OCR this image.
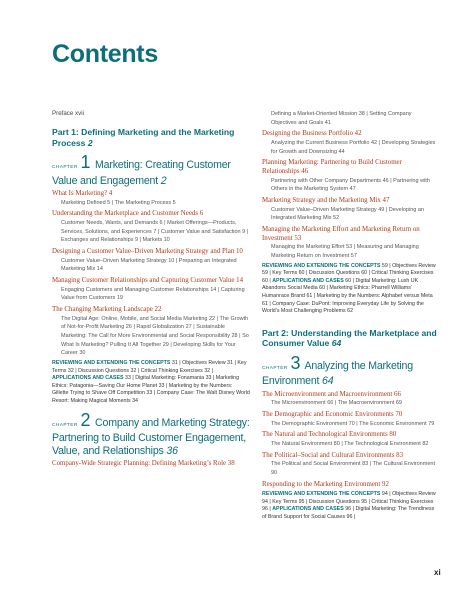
Contents
Preface xvii
Part 1: Defining Marketing and the Marketing Process 2
CHAPTER 1 Marketing: Creating Customer Value and Engagement 2
What Is Marketing? 4
Marketing Defined 5 | The Marketing Process 5
Understanding the Marketplace and Customer Needs 6
Customer Needs, Wants, and Demands 6 | Market Offerings—Products, Services, Solutions, and Experiences 7 | Customer Value and Satisfaction 9 | Exchanges and Relationships 9 | Markets 10
Designing a Customer Value–Driven Marketing Strategy and Plan 10
Customer Value–Driven Marketing Strategy 10 | Preparing an Integrated Marketing Mix 14
Managing Customer Relationships and Capturing Customer Value 14
Engaging Customers and Managing Customer Relationships 14 | Capturing Value from Customers 19
The Changing Marketing Landscape 22
The Digital Age: Online, Mobile, and Social Media Marketing 22 | The Growth of Not-for-Profit Marketing 26 | Rapid Globalization 27 | Sustainable Marketing: The Call for More Environmental and Social Responsibility 28 | So What Is Marketing? Pulling It All Together 29 | Developing Skills for Your Career 30
REVIEWING AND EXTENDING THE CONCEPTS 31 | Objectives Review 31 | Key Terms 32 | Discussion Questions 32 | Critical Thinking Exercises 32 | APPLICATIONS AND CASES 33 | Digital Marketing: Fonamania 33 | Marketing Ethics: Patagonia—Saving Our Home Planet 33 | Marketing by the Numbers: Gillette Trying to Shave Off Competition 33 | Company Case: The Walt Disney World Resort: Making Magical Moments 34
CHAPTER 2 Company and Marketing Strategy: Partnering to Build Customer Engagement, Value, and Relationships 36
Company-Wide Strategic Planning: Defining Marketing’s Role 38
Defining a Market-Oriented Mission 38 | Setting Company Objectives and Goals 41
Designing the Business Portfolio 42
Analyzing the Current Business Portfolio 42 | Developing Strategies for Growth and Downsizing 44
Planning Marketing: Partnering to Build Customer Relationships 46
Partnering with Other Company Departments 46 | Partnering with Others in the Marketing System 47
Marketing Strategy and the Marketing Mix 47
Customer Value–Driven Marketing Strategy 49 | Developing an Integrated Marketing Mix 52
Managing the Marketing Effort and Marketing Return on Investment 53
Managing the Marketing Effort 53 | Measuring and Managing Marketing Return on Investment 57
REVIEWING AND EXTENDING THE CONCEPTS 59 | Objectives Review 59 | Key Terms 60 | Discussion Questions 60 | Critical Thinking Exercises 60 | APPLICATIONS AND CASES 60 | Digital Marketing: Lush UK Abandons Social Media 60 | Marketing Ethics: Pharrell Williams’ Humanrace Brand 61 | Marketing by the Numbers: Alphabet versus Meta 61 | Company Case: DuPont: Improving Everyday Life by Solving the World’s Most Challenging Problems 62
Part 2: Understanding the Marketplace and Consumer Value 64
CHAPTER 3 Analyzing the Marketing Environment 64
The Microenvironment and Macroenvironment 66
The Microenvironment 66 | The Macroenvironment 69
The Demographic and Economic Environments 70
The Demographic Environment 70 | The Economic Environment 79
The Natural and Technological Environments 80
The Natural Environment 80 | The Technological Environment 82
The Political–Social and Cultural Environments 83
The Political and Social Environment 83 | The Cultural Environment 90
Responding to the Marketing Environment 92
REVIEWING AND EXTENDING THE CONCEPTS 94 | Objectives Review 94 | Key Terms 95 | Discussion Questions 95 | Critical Thinking Exercises 96 | APPLICATIONS AND CASES 96 | Digital Marketing: The Trendiness of Brand Support for Social Causes 96 |
xi
